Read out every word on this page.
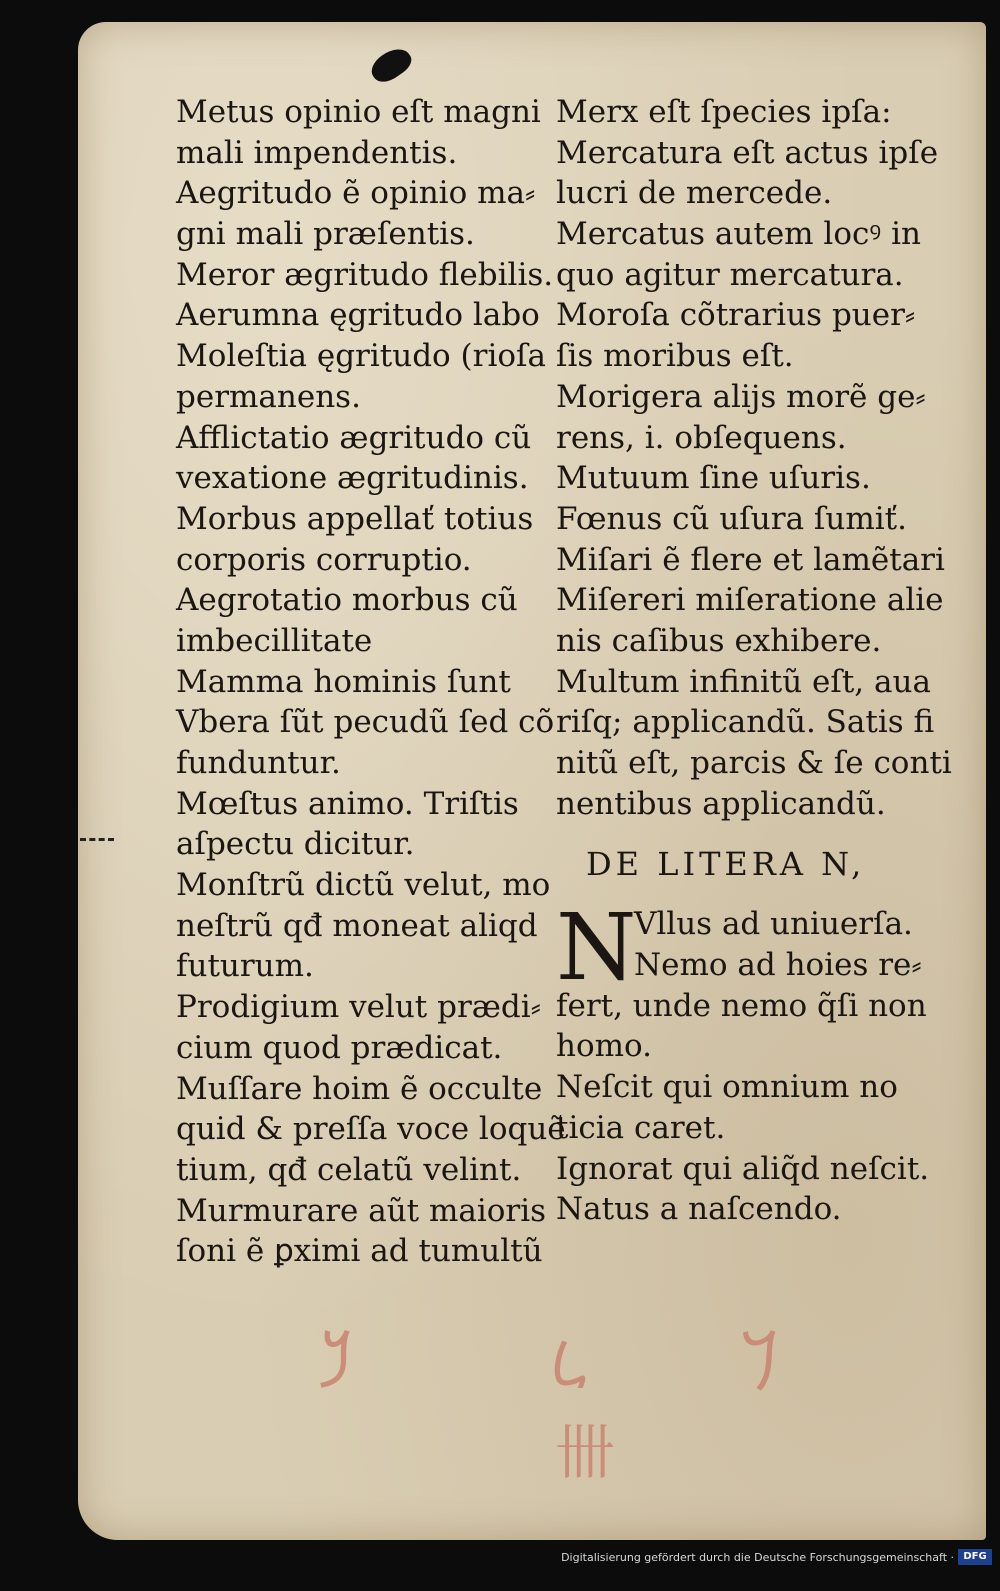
Metus opinio eſt magni
mali impendentis.
Aegritudo ẽ opinio ma⸗
gni mali præſentis.
Meror ægritudo flebilis.
Aerumna ęgritudo labo
Moleſtia ęgritudo (rioſa
permanens.
Afflictatio ægritudo cũ
vexatione ægritudinis.
Morbus appellať totius
corporis corruptio.
Aegrotatio morbus cũ
imbecillitate
Mamma hominis ſunt
Vbera ſũt pecudũ ſed cõ
funduntur.
Mœſtus animo. Triſtis
aſpectu dicitur.
Monſtrũ dictũ velut, mo
neſtrũ qđ moneat aliqd
futurum.
Prodigium velut prædi⸗
cium quod prædicat.
Muſſare hoim ẽ occulte
quid & preſſa voce loquẽ
tium, qđ celatũ velint.
Murmurare aũt maioris
ſoni ẽ ꝑximi ad tumultũ
Merx eſt ſpecies ipſa:
Mercatura eſt actus ipſe
lucri de mercede.
Mercatus autem locꝰ in
quo agitur mercatura.
Moroſa cõtrarius puer⸗
ſis moribus eſt.
Morigera alijs morẽ ge⸗
rens, i. obſequens.
Mutuum ſine uſuris.
Fœnus cũ uſura ſumiť.
Miſari ẽ flere et lamẽtari
Miſereri miſeratione alie
nis caſibus exhibere.
Multum infinitũ eſt, aua
riſq; applicandũ. Satis fi
nitũ eſt, parcis & ſe conti
nentibus applicandũ.
DE LITERA N,
N
Vllus ad uniuerſa.
Nemo ad hoies re⸗
fert, unde nemo q̃ſi non
homo.
Neſcit qui omnium no
ticia caret.
Ignorat qui aliq̃d neſcit.
Natus a naſcendo.
𐡊	𐡋	𐡓
卌
Digitalisierung gefördert durch die Deutsche Forschungsgemeinschaft · DFG
